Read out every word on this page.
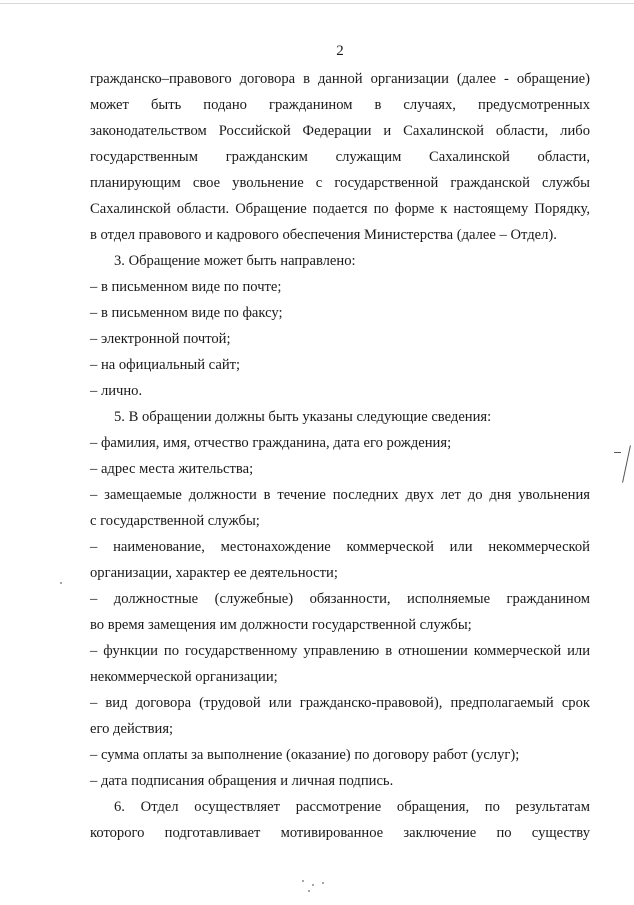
2
гражданско–правового договора в данной организации (далее - обращение)
может быть подано гражданином в случаях, предусмотренных
законодательством Российской Федерации и Сахалинской области, либо
государственным гражданским служащим Сахалинской области,
планирующим свое увольнение с государственной гражданской службы
Сахалинской области. Обращение подается по форме к настоящему Порядку,
в отдел правового и кадрового обеспечения Министерства (далее – Отдел).
3. Обращение может быть направлено:
– в письменном виде по почте;
– в письменном виде по факсу;
– электронной почтой;
– на официальный сайт;
– лично.
5. В обращении должны быть указаны следующие сведения:
– фамилия, имя, отчество гражданина, дата его рождения;
– адрес места жительства;
– замещаемые должности в течение последних двух лет до дня увольнения
с государственной службы;
– наименование, местонахождение коммерческой или некоммерческой
организации, характер ее деятельности;
– должностные (служебные) обязанности, исполняемые гражданином
во время замещения им должности государственной службы;
– функции по государственному управлению в отношении коммерческой или
некоммерческой организации;
– вид договора (трудовой или гражданско-правовой), предполагаемый срок
его действия;
– сумма оплаты за выполнение (оказание) по договору работ (услуг);
– дата подписания обращения и личная подпись.
6. Отдел осуществляет рассмотрение обращения, по результатам
которого подготавливает мотивированное заключение по существу
